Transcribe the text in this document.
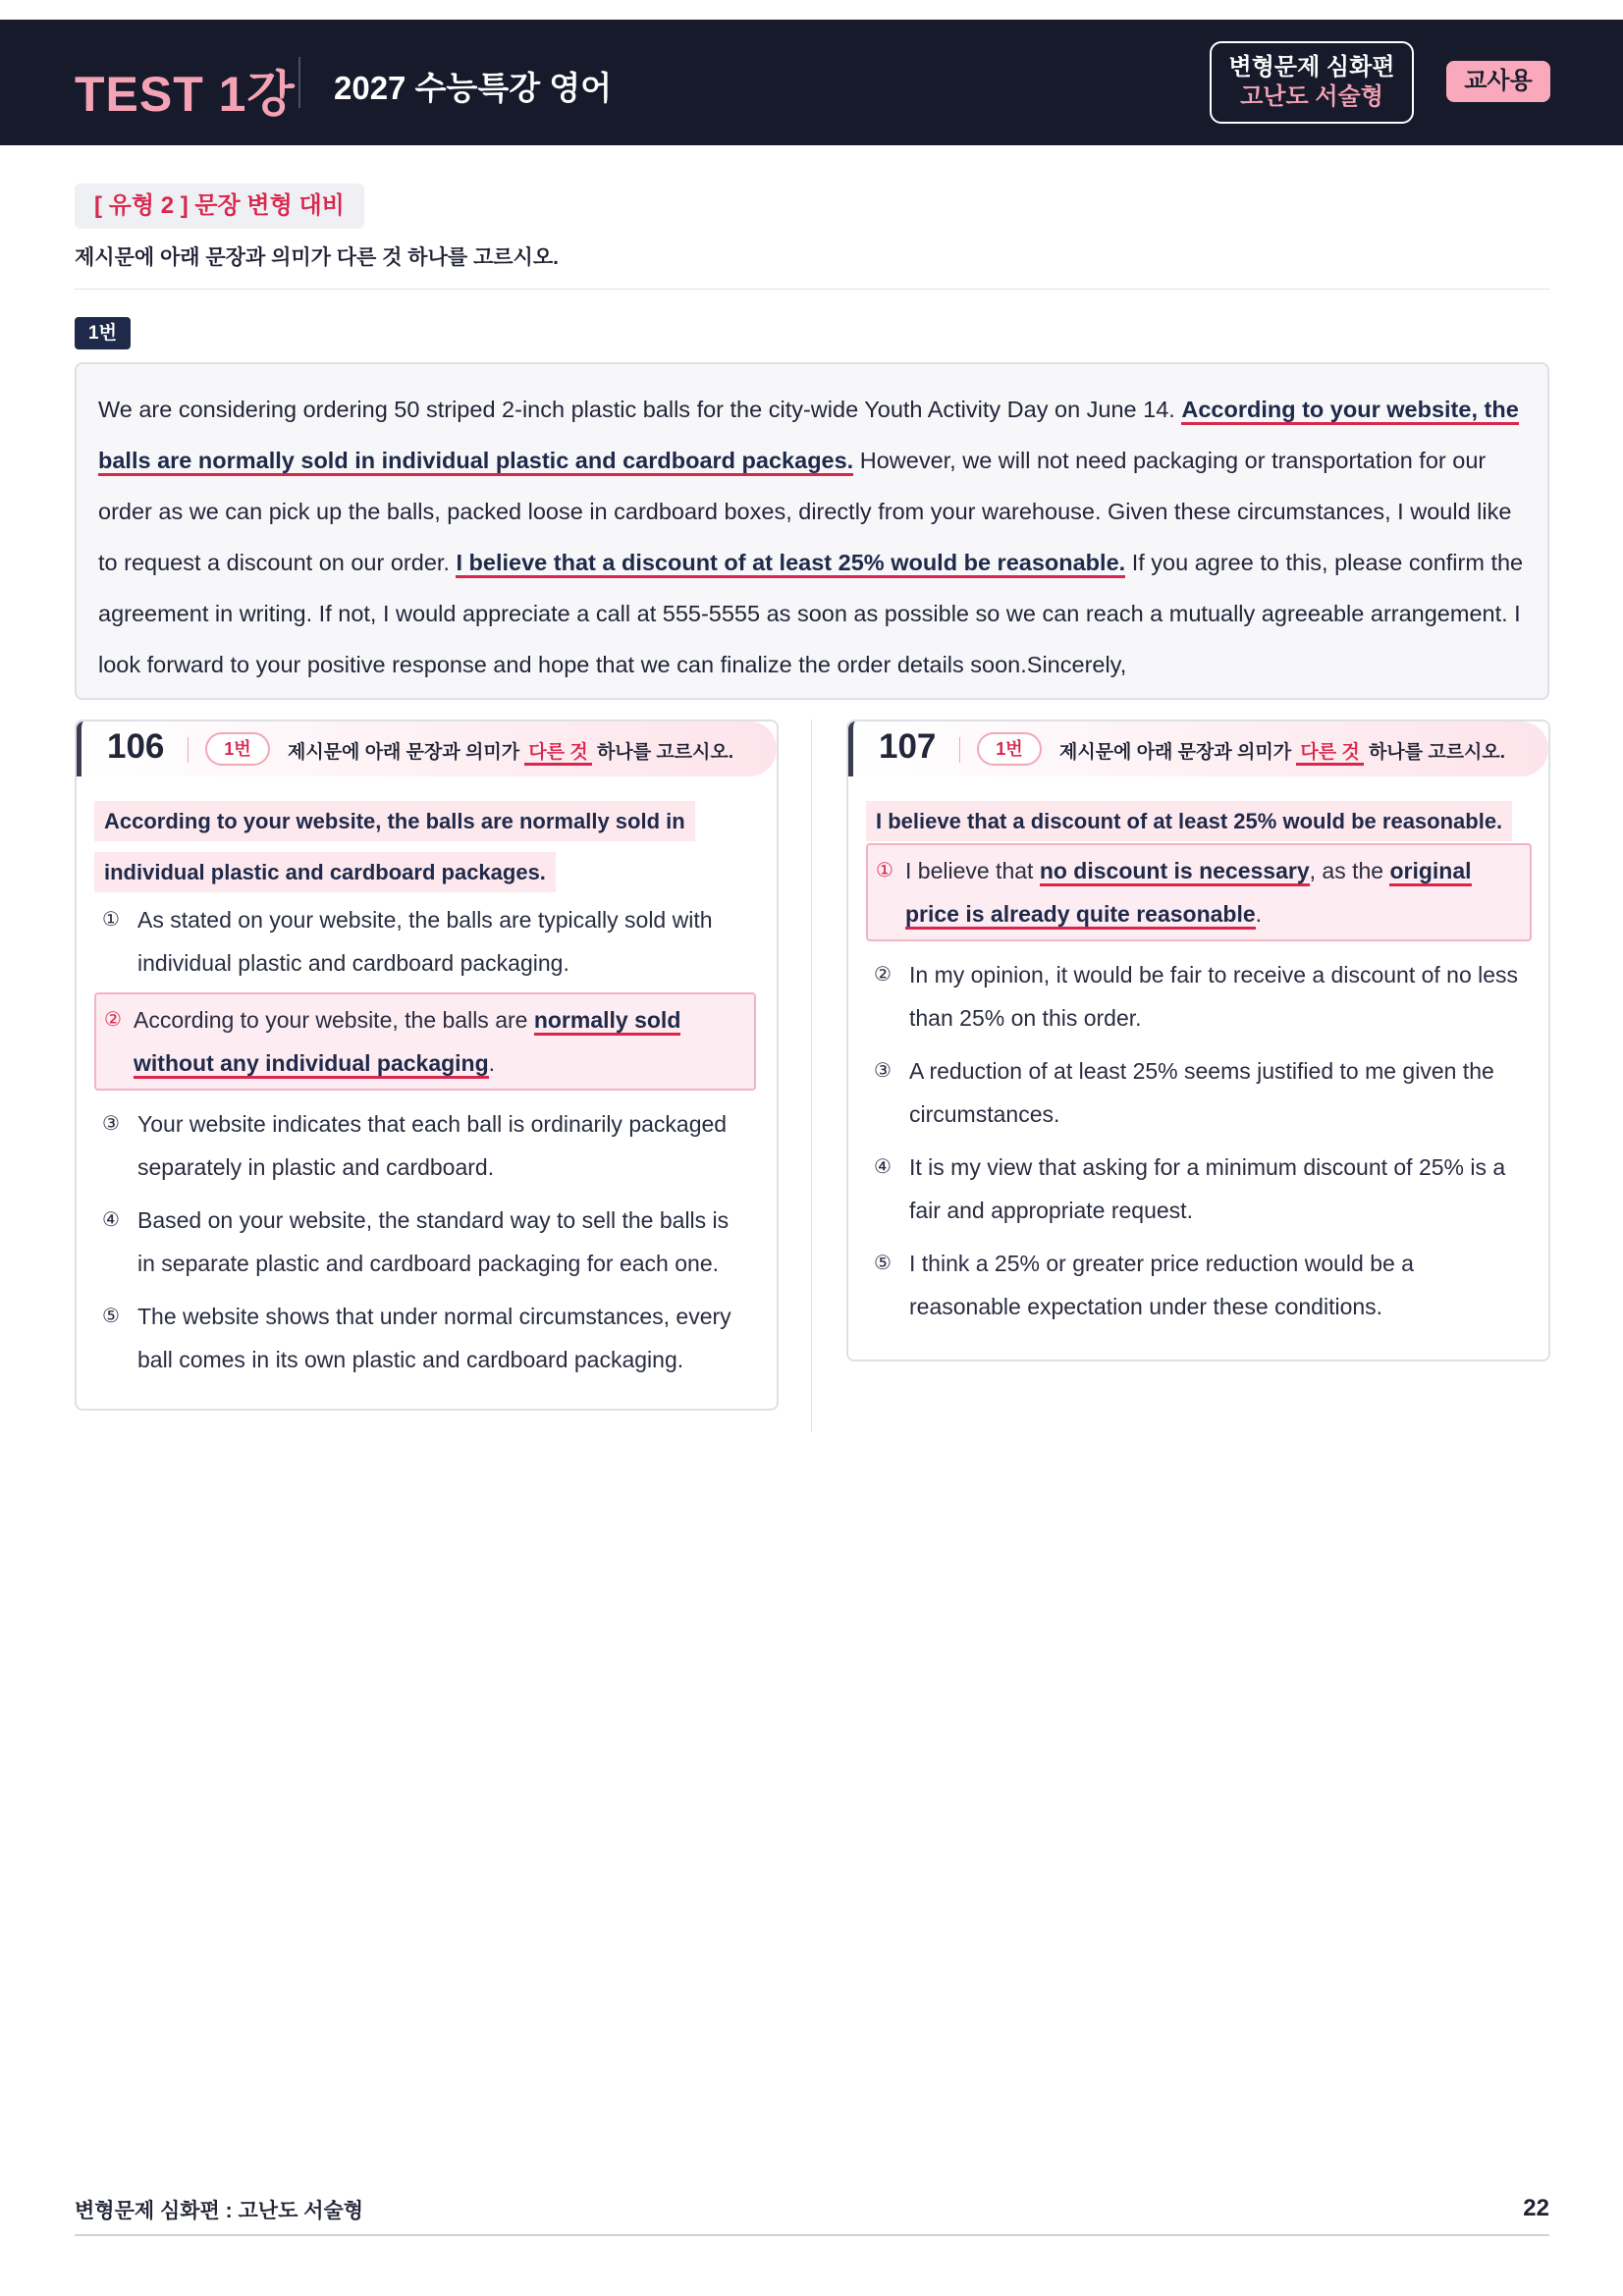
TEST 1강 2027 수능특강 영어
변형문제 심화편
고난도 서술형
교사용
[ 유형 2 ] 문장 변형 대비
제시문에 아래 문장과 의미가 다른 것 하나를 고르시오.
1번
We are considering ordering 50 striped 2-inch plastic balls for the city-wide Youth Activity Day on June 14. According to your website, the balls are normally sold in individual plastic and cardboard packages. However, we will not need packaging or transportation for our order as we can pick up the balls, packed loose in cardboard boxes, directly from your warehouse. Given these circumstances, I would like to request a discount on our order. I believe that a discount of at least 25% would be reasonable. If you agree to this, please confirm the agreement in writing. If not, I would appreciate a call at 555-5555 as soon as possible so we can reach a mutually agreeable arrangement. I look forward to your positive response and hope that we can finalize the order details soon.Sincerely,
106	1번	제시문에 아래 문장과 의미가 다른 것 하나를 고르시오.
According to your website, the balls are normally sold in individual plastic and cardboard packages.
① As stated on your website, the balls are typically sold with individual plastic and cardboard packaging.
② According to your website, the balls are normally sold without any individual packaging.
③ Your website indicates that each ball is ordinarily packaged separately in plastic and cardboard.
④ Based on your website, the standard way to sell the balls is in separate plastic and cardboard packaging for each one.
⑤ The website shows that under normal circumstances, every ball comes in its own plastic and cardboard packaging.
107	1번	제시문에 아래 문장과 의미가 다른 것 하나를 고르시오.
I believe that a discount of at least 25% would be reasonable.
① I believe that no discount is necessary, as the original price is already quite reasonable.
② In my opinion, it would be fair to receive a discount of no less than 25% on this order.
③ A reduction of at least 25% seems justified to me given the circumstances.
④ It is my view that asking for a minimum discount of 25% is a fair and appropriate request.
⑤ I think a 25% or greater price reduction would be a reasonable expectation under these conditions.
변형문제 심화편 : 고난도 서술형	22
